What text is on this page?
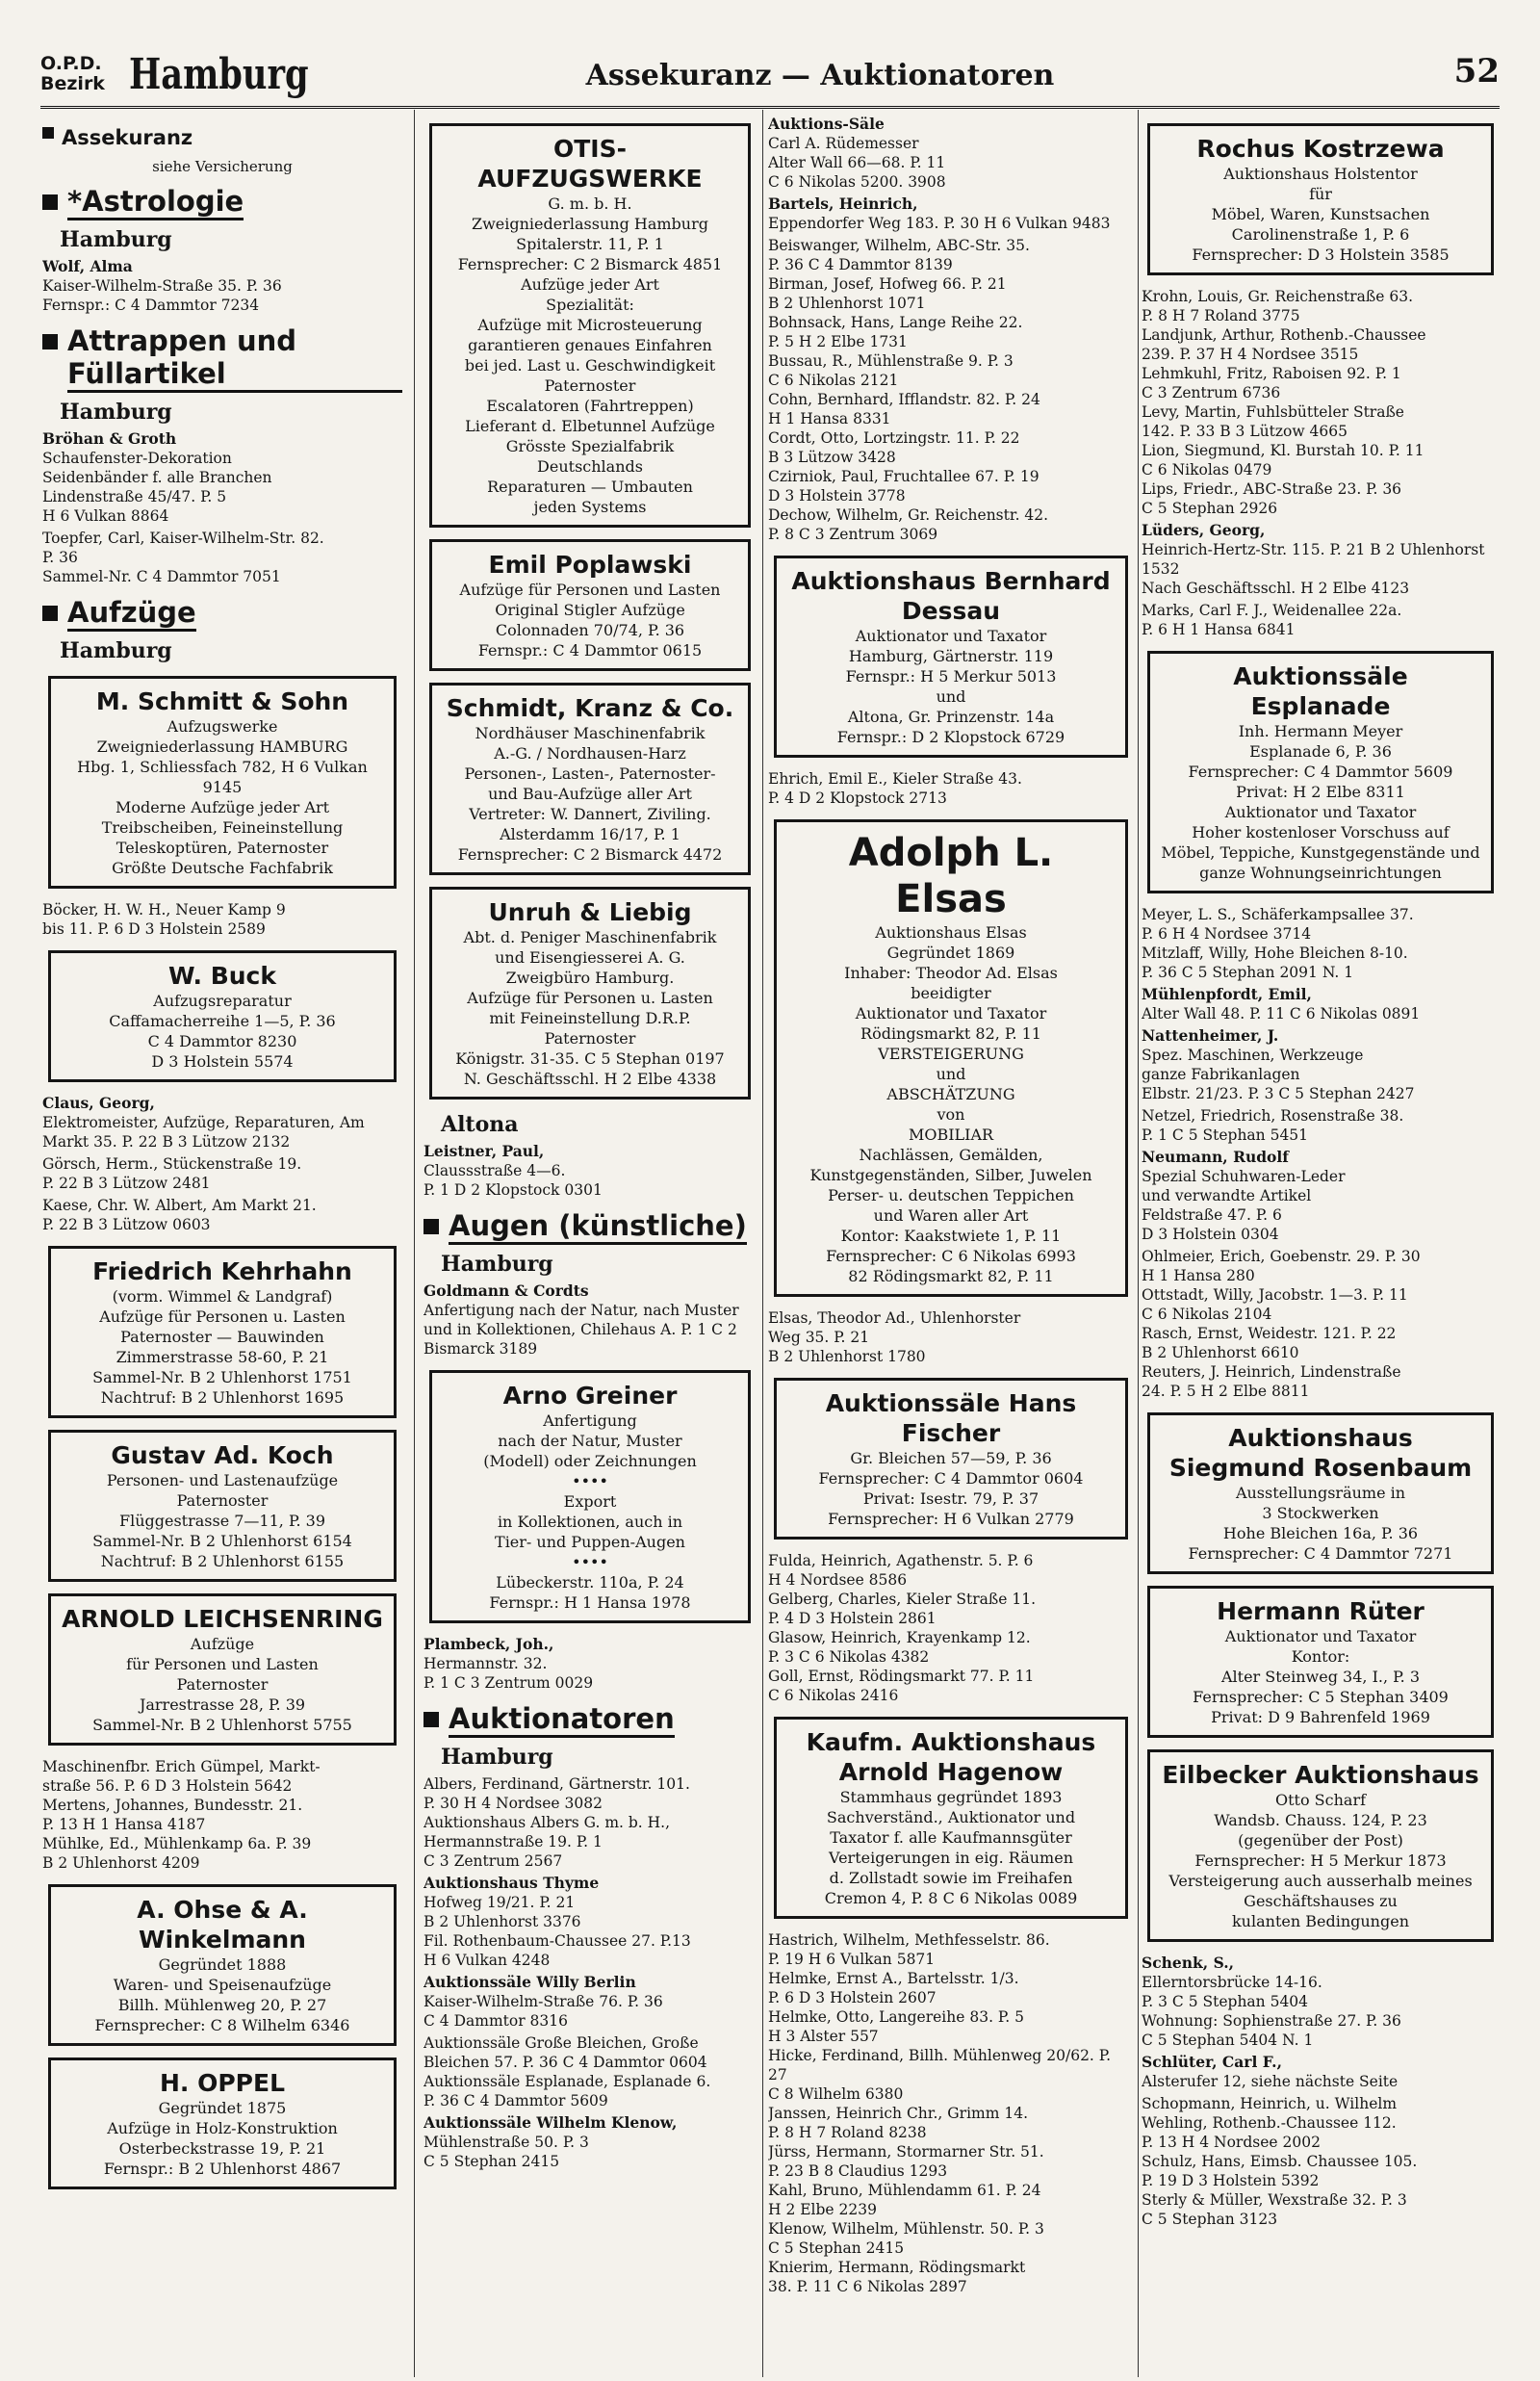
O.P.D.
Bezirk Hamburg	Assekuranz — Auktionatoren	52
Assekuranz
siehe Versicherung
*Astrologie
Hamburg
Wolf, Alma
Kaiser-Wilhelm-Straße 35. P. 36
Fernspr.: C 4 Dammtor 7234
Attrappen und Füllartikel
Hamburg
Bröhan & Groth
Schaufenster-Dekoration
Seidenbänder f. alle Branchen
Lindenstraße 45/47. P. 5
H 6 Vulkan 8864
Toepfer, Carl, Kaiser-Wilhelm-Str. 82.
P. 36
Sammel-Nr. C 4 Dammtor 7051
Aufzüge
Hamburg
M. Schmitt & Sohn
Aufzugswerke
Zweigniederlassung HAMBURG
Hbg. 1, Schliessfach 782, H 6 Vulkan 9145
Moderne Aufzüge jeder Art
Treibscheiben, Feineinstellung
Teleskoptüren, Paternoster
Größte Deutsche Fachfabrik
Böcker, H. W. H., Neuer Kamp 9
bis 11. P. 6 D 3 Holstein 2589
W. Buck
Aufzugsreparatur
Caffamacherreihe 1—5, P. 36
C 4 Dammtor 8230
D 3 Holstein 5574
Claus, Georg,
Elektromeister, Aufzüge, Reparaturen, Am Markt 35. P. 22 B 3 Lützow 2132
Görsch, Herm., Stückenstraße 19.
P. 22 B 3 Lützow 2481
Kaese, Chr. W. Albert, Am Markt 21.
P. 22 B 3 Lützow 0603
Friedrich Kehrhahn
(vorm. Wimmel & Landgraf)
Aufzüge für Personen u. Lasten
Paternoster — Bauwinden
Zimmerstrasse 58-60, P. 21
Sammel-Nr. B 2 Uhlenhorst 1751
Nachtruf: B 2 Uhlenhorst 1695
Gustav Ad. Koch
Personen- und Lastenaufzüge
Paternoster
Flüggestrasse 7—11, P. 39
Sammel-Nr. B 2 Uhlenhorst 6154
Nachtruf: B 2 Uhlenhorst 6155
ARNOLD LEICHSENRING
Aufzüge
für Personen und Lasten
Paternoster
Jarrestrasse 28, P. 39
Sammel-Nr. B 2 Uhlenhorst 5755
Maschinenfbr. Erich Gümpel, Markt-
straße 56. P. 6 D 3 Holstein 5642
Mertens, Johannes, Bundesstr. 21.
P. 13 H 1 Hansa 4187
Mühlke, Ed., Mühlenkamp 6a. P. 39
B 2 Uhlenhorst 4209
A. Ohse & A. Winkelmann
Gegründet 1888
Waren- und Speisenaufzüge
Billh. Mühlenweg 20, P. 27
Fernsprecher: C 8 Wilhelm 6346
H. OPPEL
Gegründet 1875
Aufzüge in Holz-Konstruktion
Osterbeckstrasse 19, P. 21
Fernspr.: B 2 Uhlenhorst 4867
OTIS-AUFZUGSWERKE
G. m. b. H.
Zweigniederlassung Hamburg
Spitalerstr. 11, P. 1
Fernsprecher: C 2 Bismarck 4851
Aufzüge jeder Art
Spezialität:
Aufzüge mit Microsteuerung
garantieren genaues Einfahren
bei jed. Last u. Geschwindigkeit
Paternoster
Escalatoren (Fahrtreppen)
Lieferant d. Elbetunnel Aufzüge
Grösste Spezialfabrik
Deutschlands
Reparaturen — Umbauten
jeden Systems
Emil Poplawski
Aufzüge für Personen und Lasten
Original Stigler Aufzüge
Colonnaden 70/74, P. 36
Fernspr.: C 4 Dammtor 0615
Schmidt, Kranz & Co.
Nordhäuser Maschinenfabrik
A.-G. / Nordhausen-Harz
Personen-, Lasten-, Paternoster-
und Bau-Aufzüge aller Art
Vertreter: W. Dannert, Ziviling.
Alsterdamm 16/17, P. 1
Fernsprecher: C 2 Bismarck 4472
Unruh & Liebig
Abt. d. Peniger Maschinenfabrik
und Eisengiesserei A. G.
Zweigbüro Hamburg.
Aufzüge für Personen u. Lasten
mit Feineinstellung D.R.P.
Paternoster
Königstr. 31-35. C 5 Stephan 0197
N. Geschäftsschl. H 2 Elbe 4338
Altona
Leistner, Paul,
Claussstraße 4—6.
P. 1 D 2 Klopstock 0301
Augen (künstliche)
Hamburg
Goldmann & Cordts
Anfertigung nach der Natur, nach Muster und in Kollektionen, Chilehaus A. P. 1 C 2 Bismarck 3189
Arno Greiner
Anfertigung
nach der Natur, Muster
(Modell) oder Zeichnungen
••••
Export
in Kollektionen, auch in
Tier- und Puppen-Augen
••••
Lübeckerstr. 110a, P. 24
Fernspr.: H 1 Hansa 1978
Plambeck, Joh.,
Hermannstr. 32.
P. 1 C 3 Zentrum 0029
Auktionatoren
Hamburg
Albers, Ferdinand, Gärtnerstr. 101.
P. 30 H 4 Nordsee 3082
Auktionshaus Albers G. m. b. H.,
Hermannstraße 19. P. 1
C 3 Zentrum 2567
Auktionshaus Thyme
Hofweg 19/21. P. 21
B 2 Uhlenhorst 3376
Fil. Rothenbaum-Chaussee 27. P.13
H 6 Vulkan 4248
Auktionssäle Willy Berlin
Kaiser-Wilhelm-Straße 76. P. 36
C 4 Dammtor 8316
Auktionssäle Große Bleichen, Große
Bleichen 57. P. 36 C 4 Dammtor 0604
Auktionssäle Esplanade, Esplanade 6.
P. 36 C 4 Dammtor 5609
Auktionssäle Wilhelm Klenow,
Mühlenstraße 50. P. 3
C 5 Stephan 2415
Auktions-Säle
Carl A. Rüdemesser
Alter Wall 66—68. P. 11
C 6 Nikolas 5200. 3908
Bartels, Heinrich,
Eppendorfer Weg 183. P. 30 H 6 Vulkan 9483
Beiswanger, Wilhelm, ABC-Str. 35.
P. 36 C 4 Dammtor 8139
Birman, Josef, Hofweg 66. P. 21
B 2 Uhlenhorst 1071
Bohnsack, Hans, Lange Reihe 22.
P. 5 H 2 Elbe 1731
Bussau, R., Mühlenstraße 9. P. 3
C 6 Nikolas 2121
Cohn, Bernhard, Ifflandstr. 82. P. 24
H 1 Hansa 8331
Cordt, Otto, Lortzingstr. 11. P. 22
B 3 Lützow 3428
Czirniok, Paul, Fruchtallee 67. P. 19
D 3 Holstein 3778
Dechow, Wilhelm, Gr. Reichenstr. 42.
P. 8 C 3 Zentrum 3069
Auktionshaus Bernhard Dessau
Auktionator und Taxator
Hamburg, Gärtnerstr. 119
Fernspr.: H 5 Merkur 5013
und
Altona, Gr. Prinzenstr. 14a
Fernspr.: D 2 Klopstock 6729
Ehrich, Emil E., Kieler Straße 43.
P. 4 D 2 Klopstock 2713
Adolph L. Elsas
Auktionshaus Elsas
Gegründet 1869
Inhaber: Theodor Ad. Elsas
beeidigter
Auktionator und Taxator
Rödingsmarkt 82, P. 11
VERSTEIGERUNG
und
ABSCHÄTZUNG
von
MOBILIAR
Nachlässen, Gemälden, Kunstgegenständen, Silber, Juwelen
Perser- u. deutschen Teppichen
und Waren aller Art
Kontor: Kaakstwiete 1, P. 11
Fernsprecher: C 6 Nikolas 6993
82 Rödingsmarkt 82, P. 11
Elsas, Theodor Ad., Uhlenhorster
Weg 35. P. 21
B 2 Uhlenhorst 1780
Auktionssäle Hans Fischer
Gr. Bleichen 57—59, P. 36
Fernsprecher: C 4 Dammtor 0604
Privat: Isestr. 79, P. 37
Fernsprecher: H 6 Vulkan 2779
Fulda, Heinrich, Agathenstr. 5. P. 6
H 4 Nordsee 8586
Gelberg, Charles, Kieler Straße 11.
P. 4 D 3 Holstein 2861
Glasow, Heinrich, Krayenkamp 12.
P. 3 C 6 Nikolas 4382
Goll, Ernst, Rödingsmarkt 77. P. 11
C 6 Nikolas 2416
Kaufm. Auktionshaus Arnold Hagenow
Stammhaus gegründet 1893
Sachverständ., Auktionator und
Taxator f. alle Kaufmannsgüter
Verteigerungen in eig. Räumen
d. Zollstadt sowie im Freihafen
Cremon 4, P. 8 C 6 Nikolas 0089
Hastrich, Wilhelm, Methfesselstr. 86.
P. 19 H 6 Vulkan 5871
Helmke, Ernst A., Bartelsstr. 1/3.
P. 6 D 3 Holstein 2607
Helmke, Otto, Langereihe 83. P. 5
H 3 Alster 557
Hicke, Ferdinand, Billh. Mühlenweg 20/62. P. 27
C 8 Wilhelm 6380
Janssen, Heinrich Chr., Grimm 14.
P. 8 H 7 Roland 8238
Jürss, Hermann, Stormarner Str. 51.
P. 23 B 8 Claudius 1293
Kahl, Bruno, Mühlendamm 61. P. 24
H 2 Elbe 2239
Klenow, Wilhelm, Mühlenstr. 50. P. 3
C 5 Stephan 2415
Knierim, Hermann, Rödingsmarkt
38. P. 11 C 6 Nikolas 2897
Rochus Kostrzewa
Auktionshaus Holstentor
für
Möbel, Waren, Kunstsachen
Carolinenstraße 1, P. 6
Fernsprecher: D 3 Holstein 3585
Krohn, Louis, Gr. Reichenstraße 63.
P. 8 H 7 Roland 3775
Landjunk, Arthur, Rothenb.-Chaussee
239. P. 37 H 4 Nordsee 3515
Lehmkuhl, Fritz, Raboisen 92. P. 1
C 3 Zentrum 6736
Levy, Martin, Fuhlsbütteler Straße
142. P. 33 B 3 Lützow 4665
Lion, Siegmund, Kl. Burstah 10. P. 11
C 6 Nikolas 0479
Lips, Friedr., ABC-Straße 23. P. 36
C 5 Stephan 2926
Lüders, Georg,
Heinrich-Hertz-Str. 115. P. 21 B 2 Uhlenhorst 1532
Nach Geschäftsschl. H 2 Elbe 4123
Marks, Carl F. J., Weidenallee 22a.
P. 6 H 1 Hansa 6841
Auktionssäle Esplanade
Inh. Hermann Meyer
Esplanade 6, P. 36
Fernsprecher: C 4 Dammtor 5609
Privat: H 2 Elbe 8311
Auktionator und Taxator
Hoher kostenloser Vorschuss auf
Möbel, Teppiche, Kunstgegenstände und ganze Wohnungseinrichtungen
Meyer, L. S., Schäferkampsallee 37.
P. 6 H 4 Nordsee 3714
Mitzlaff, Willy, Hohe Bleichen 8-10.
P. 36 C 5 Stephan 2091 N. 1
Mühlenpfordt, Emil,
Alter Wall 48. P. 11 C 6 Nikolas 0891
Nattenheimer, J.
Spez. Maschinen, Werkzeuge
ganze Fabrikanlagen
Elbstr. 21/23. P. 3 C 5 Stephan 2427
Netzel, Friedrich, Rosenstraße 38.
P. 1 C 5 Stephan 5451
Neumann, Rudolf
Spezial Schuhwaren-Leder
und verwandte Artikel
Feldstraße 47. P. 6
D 3 Holstein 0304
Ohlmeier, Erich, Goebenstr. 29. P. 30
H 1 Hansa 280
Ottstadt, Willy, Jacobstr. 1—3. P. 11
C 6 Nikolas 2104
Rasch, Ernst, Weidestr. 121. P. 22
B 2 Uhlenhorst 6610
Reuters, J. Heinrich, Lindenstraße
24. P. 5 H 2 Elbe 8811
Auktionshaus Siegmund Rosenbaum
Ausstellungsräume in
3 Stockwerken
Hohe Bleichen 16a, P. 36
Fernsprecher: C 4 Dammtor 7271
Hermann Rüter
Auktionator und Taxator
Kontor:
Alter Steinweg 34, I., P. 3
Fernsprecher: C 5 Stephan 3409
Privat: D 9 Bahrenfeld 1969
Eilbecker Auktionshaus
Otto Scharf
Wandsb. Chauss. 124, P. 23
(gegenüber der Post)
Fernsprecher: H 5 Merkur 1873
Versteigerung auch ausserhalb meines Geschäftshauses zu
kulanten Bedingungen
Schenk, S.,
Ellerntorsbrücke 14-16.
P. 3 C 5 Stephan 5404
Wohnung: Sophienstraße 27. P. 36
C 5 Stephan 5404 N. 1
Schlüter, Carl F.,
Alsterufer 12, siehe nächste Seite
Schopmann, Heinrich, u. Wilhelm
Wehling, Rothenb.-Chaussee 112.
P. 13 H 4 Nordsee 2002
Schulz, Hans, Eimsb. Chaussee 105.
P. 19 D 3 Holstein 5392
Sterly & Müller, Wexstraße 32. P. 3
C 5 Stephan 3123
